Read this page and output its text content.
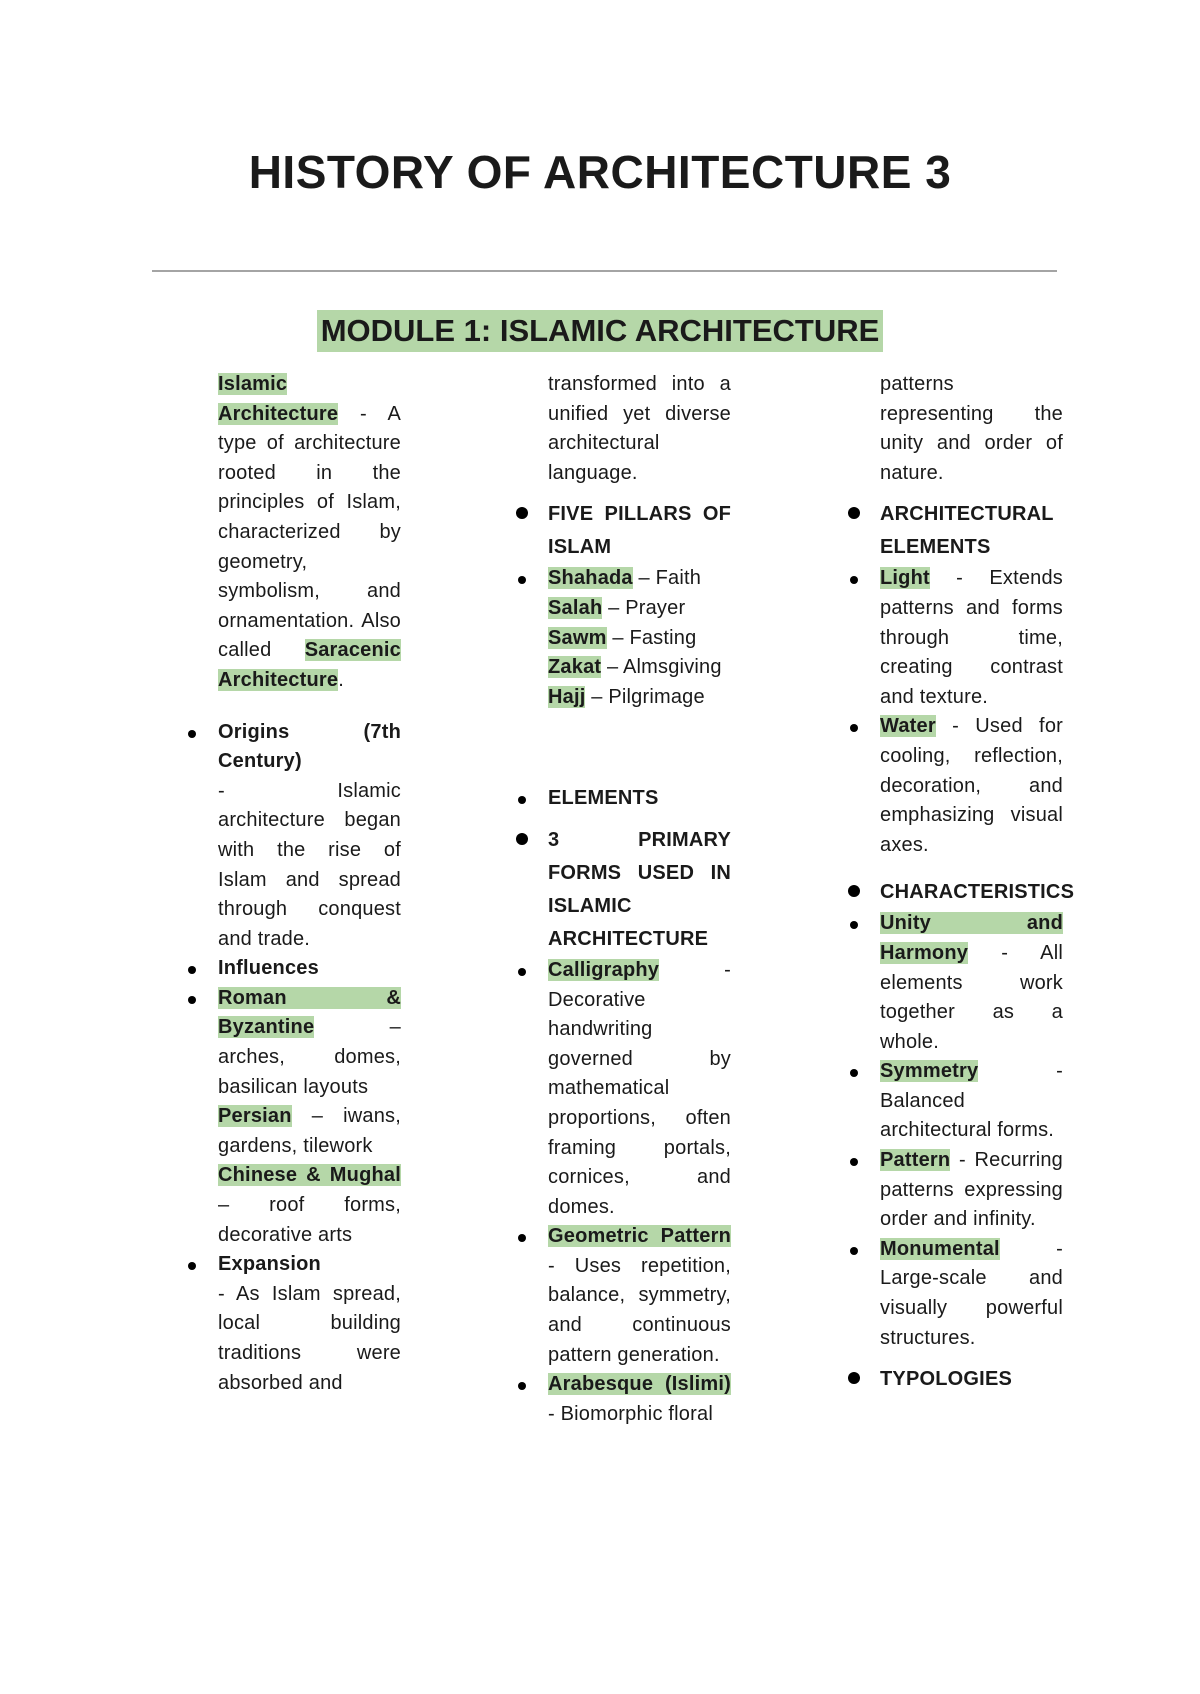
HISTORY OF ARCHITECTURE 3
MODULE 1: ISLAMIC ARCHITECTURE

Islamic Architecture - A type of architecture rooted in the principles of Islam, characterized by geometry, symbolism, and ornamentation. Also called Saracenic Architecture.

Origins (7th Century)
- Islamic architecture began with the rise of Islam and spread through conquest and trade.
Influences
Roman & Byzantine – arches, domes, basilican layouts
Persian – iwans, gardens, tilework
Chinese & Mughal – roof forms, decorative arts
Expansion
- As Islam spread, local building traditions were absorbed and

transformed into a unified yet diverse architectural language.

FIVE PILLARS OF ISLAM
Shahada – Faith
Salah – Prayer
Sawm – Fasting
Zakat – Almsgiving
Hajj – Pilgrimage
ELEMENTS
3 PRIMARY FORMS USED IN ISLAMIC ARCHITECTURE
Calligraphy - Decorative handwriting governed by mathematical proportions, often framing portals, cornices, and domes.
Geometric Pattern - Uses repetition, balance, symmetry, and continuous pattern generation.
Arabesque (Islimi) - Biomorphic floral

patterns representing the unity and order of nature.

ARCHITECTURAL ELEMENTS
Light - Extends patterns and forms through time, creating contrast and texture.
Water - Used for cooling, reflection, decoration, and emphasizing visual axes.
CHARACTERISTICS
Unity and Harmony - All elements work together as a whole.
Symmetry - Balanced architectural forms.
Pattern - Recurring patterns expressing order and infinity.
Monumental - Large-scale and visually powerful structures.
TYPOLOGIES
